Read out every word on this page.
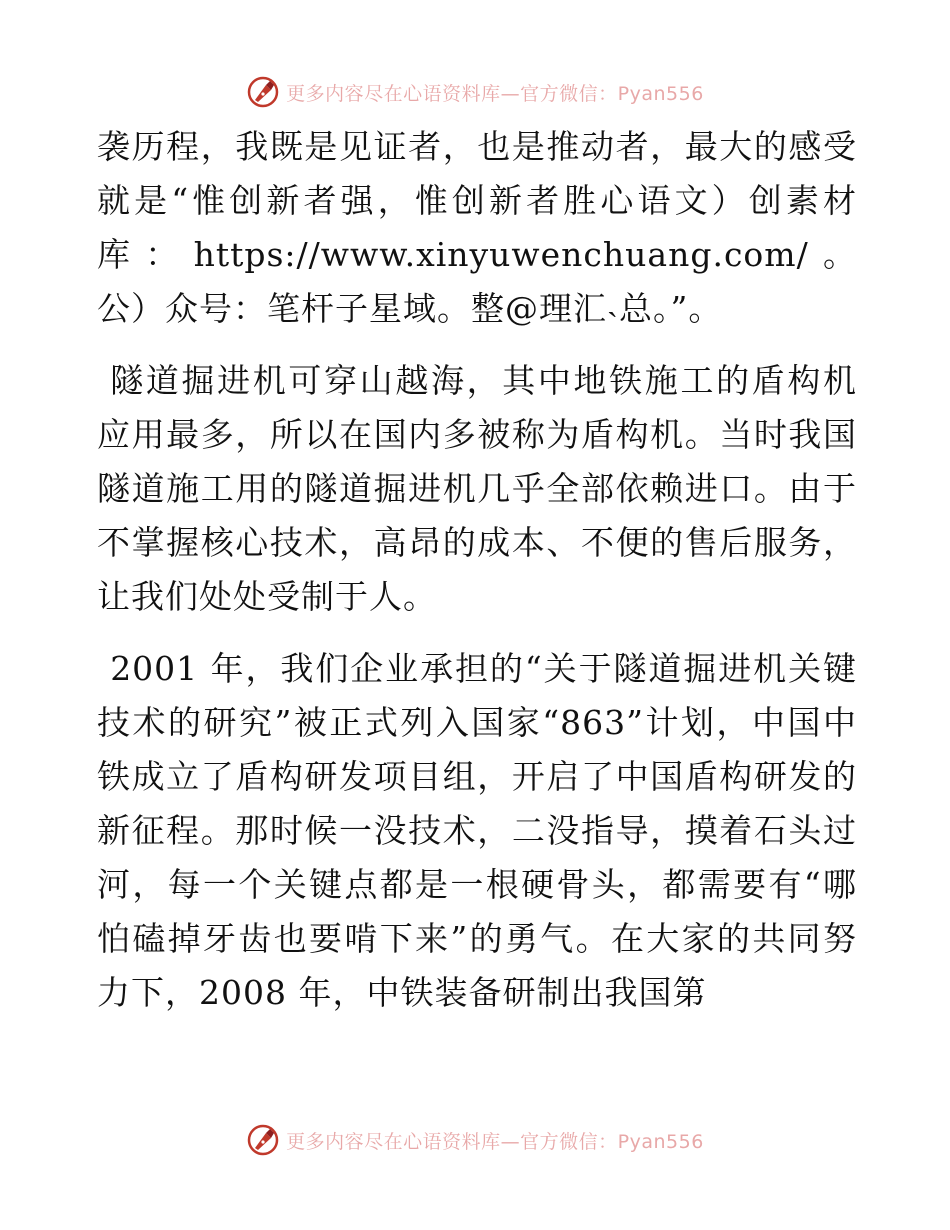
更多内容尽在心语资料库—官方微信：Pyan556

袭历程，我既是见证者，也是推动者，最大的感受就是“惟创新者强，惟创新者胜心语文）创素材库：https://www.xinyuwenchuang.com/。公）众号：笔杆子星域。整@理汇˴总。”。

隧道掘进机可穿山越海，其中地铁施工的盾构机应用最多，所以在国内多被称为盾构机。当时我国隧道施工用的隧道掘进机几乎全部依赖进口。由于不掌握核心技术，高昂的成本、不便的售后服务，让我们处处受制于人。

2001 年，我们企业承担的“关于隧道掘进机关键技术的研究”被正式列入国家“863”计划，中国中铁成立了盾构研发项目组，开启了中国盾构研发的新征程。那时候一没技术，二没指导，摸着石头过河，每一个关键点都是一根硬骨头，都需要有“哪怕磕掉牙齿也要啃下来”的勇气。在大家的共同努力下，2008 年，中铁装备研制出我国第

更多内容尽在心语资料库—官方微信：Pyan556
